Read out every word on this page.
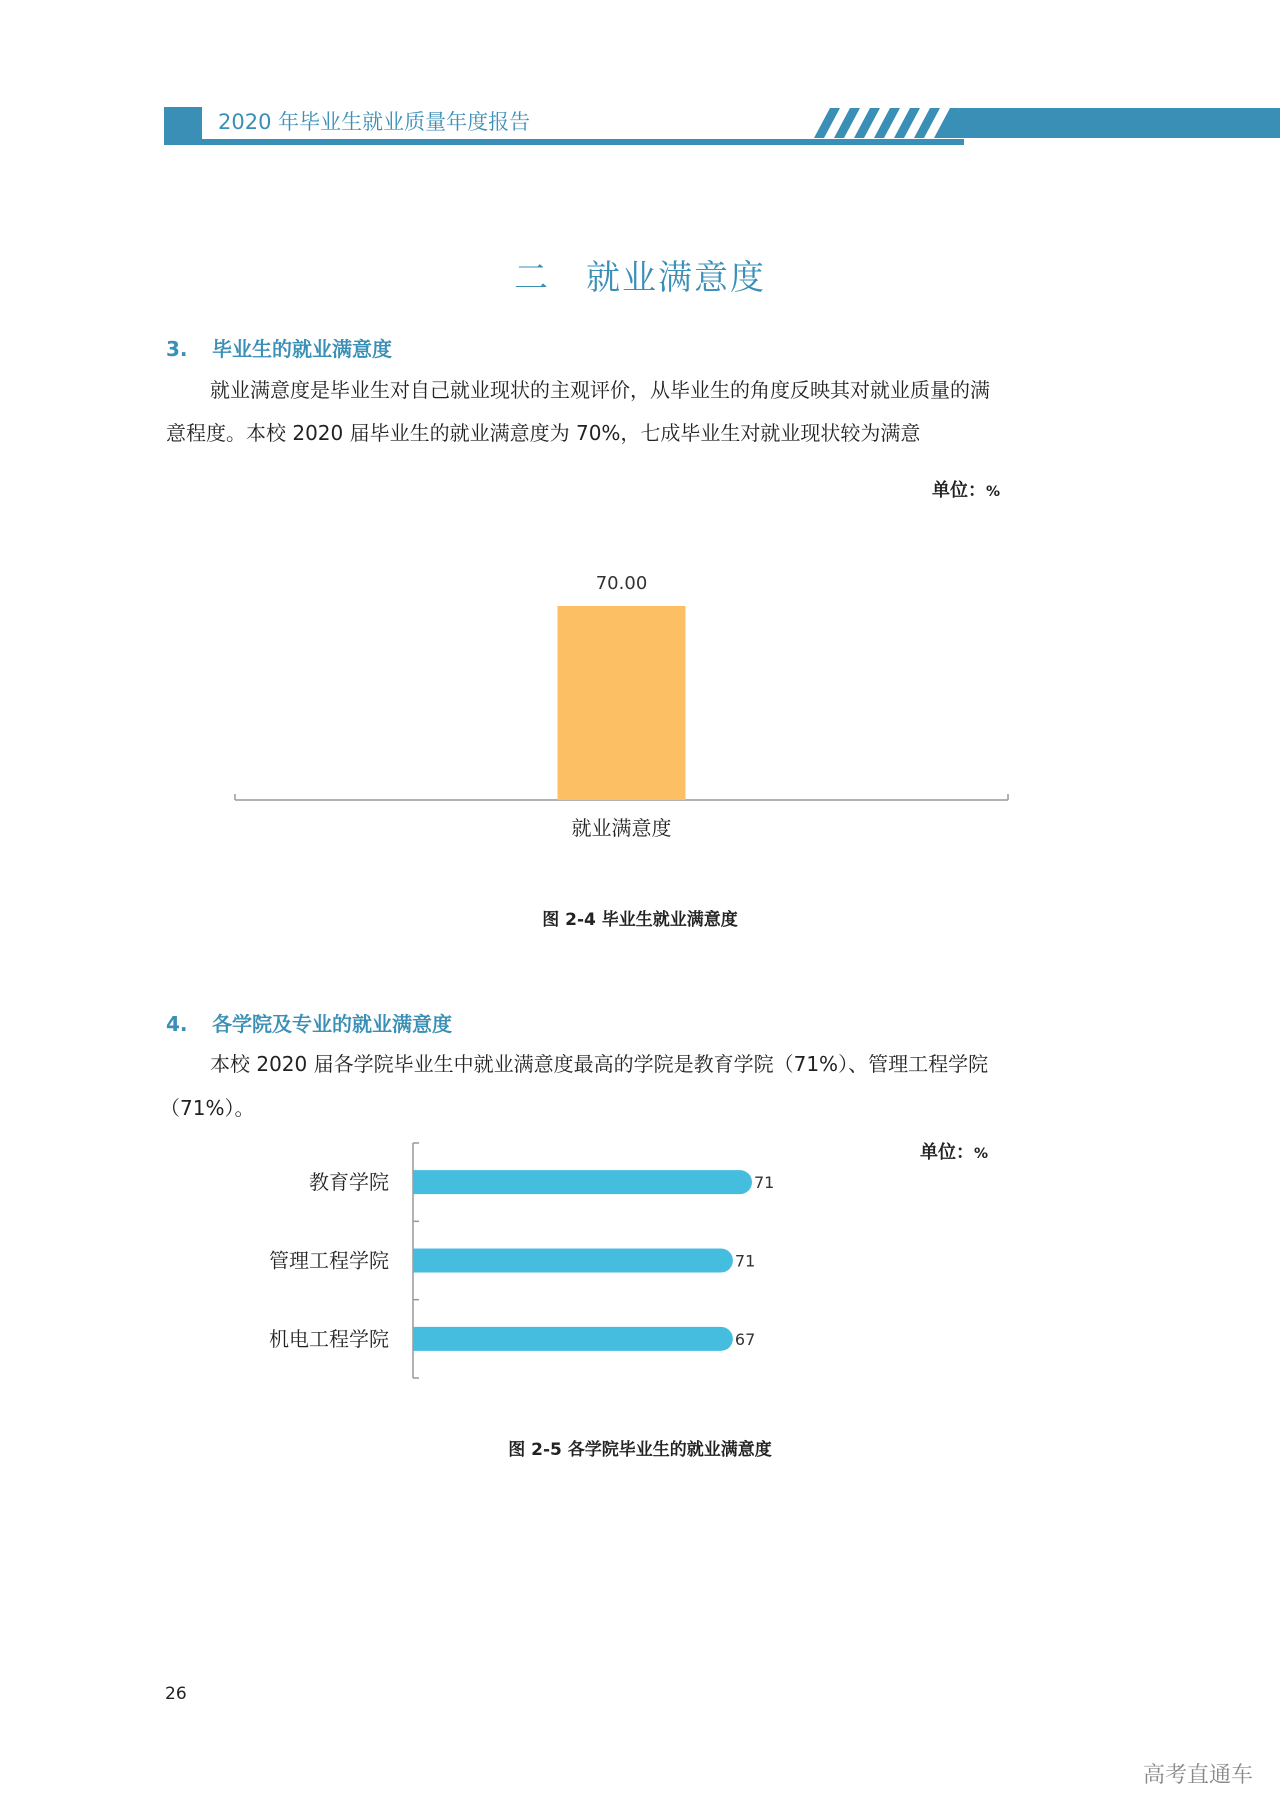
2020 年毕业生就业质量年度报告
二　就业满意度
3. 毕业生的就业满意度
就业满意度是毕业生对自己就业现状的主观评价，从毕业生的角度反映其对就业质量的满
意程度。本校 2020 届毕业生的就业满意度为 70%，七成毕业生对就业现状较为满意
单位：%
70.00
就业满意度
图 2-4 毕业生就业满意度
4. 各学院及专业的就业满意度
本校 2020 届各学院毕业生中就业满意度最高的学院是教育学院（71%）、管理工程学院
（71%）。
单位：%
71
教育学院
71
管理工程学院
67
机电工程学院
图 2-5 各学院毕业生的就业满意度
26
高考直通车
